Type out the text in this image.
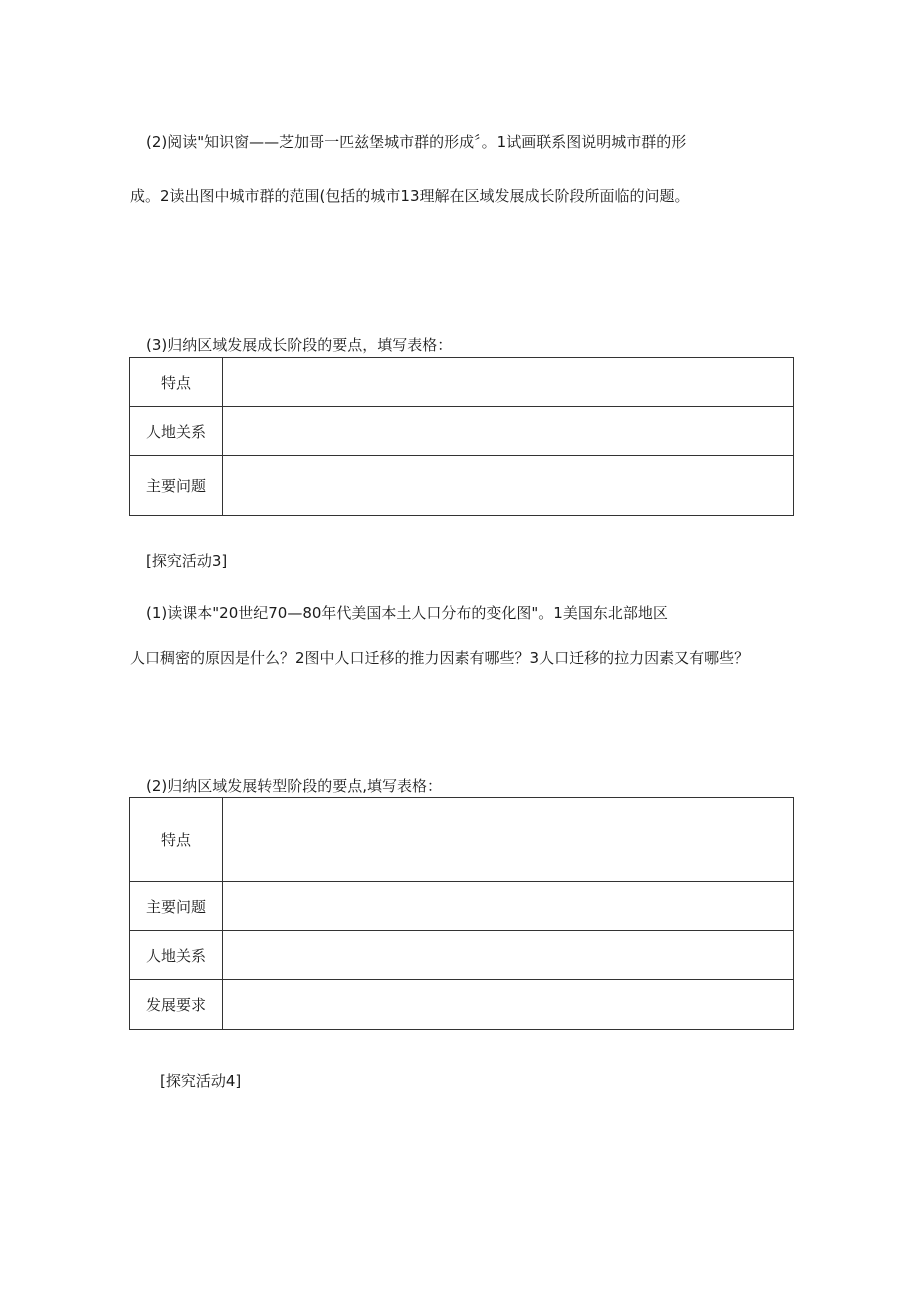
(2)阅读"知识窗——芝加哥一匹兹堡城市群的形成〞。1试画联系图说明城市群的形
成。2读出图中城市群的范围(包括的城市13理解在区域发展成长阶段所面临的问题。
(3)归纳区域发展成长阶段的要点，填写表格：
特点	
人地关系	
主要问题	
[探究活动3]
(1)读课本"20世纪70—80年代美国本土人口分布的变化图"。1美国东北部地区
人口稠密的原因是什么？2图中人口迁移的推力因素有哪些？3人口迁移的拉力因素又有哪些？
(2)归纳区域发展转型阶段的要点,填写表格：
特点	
主要问题	
人地关系	
发展要求	
[探究活动4]
